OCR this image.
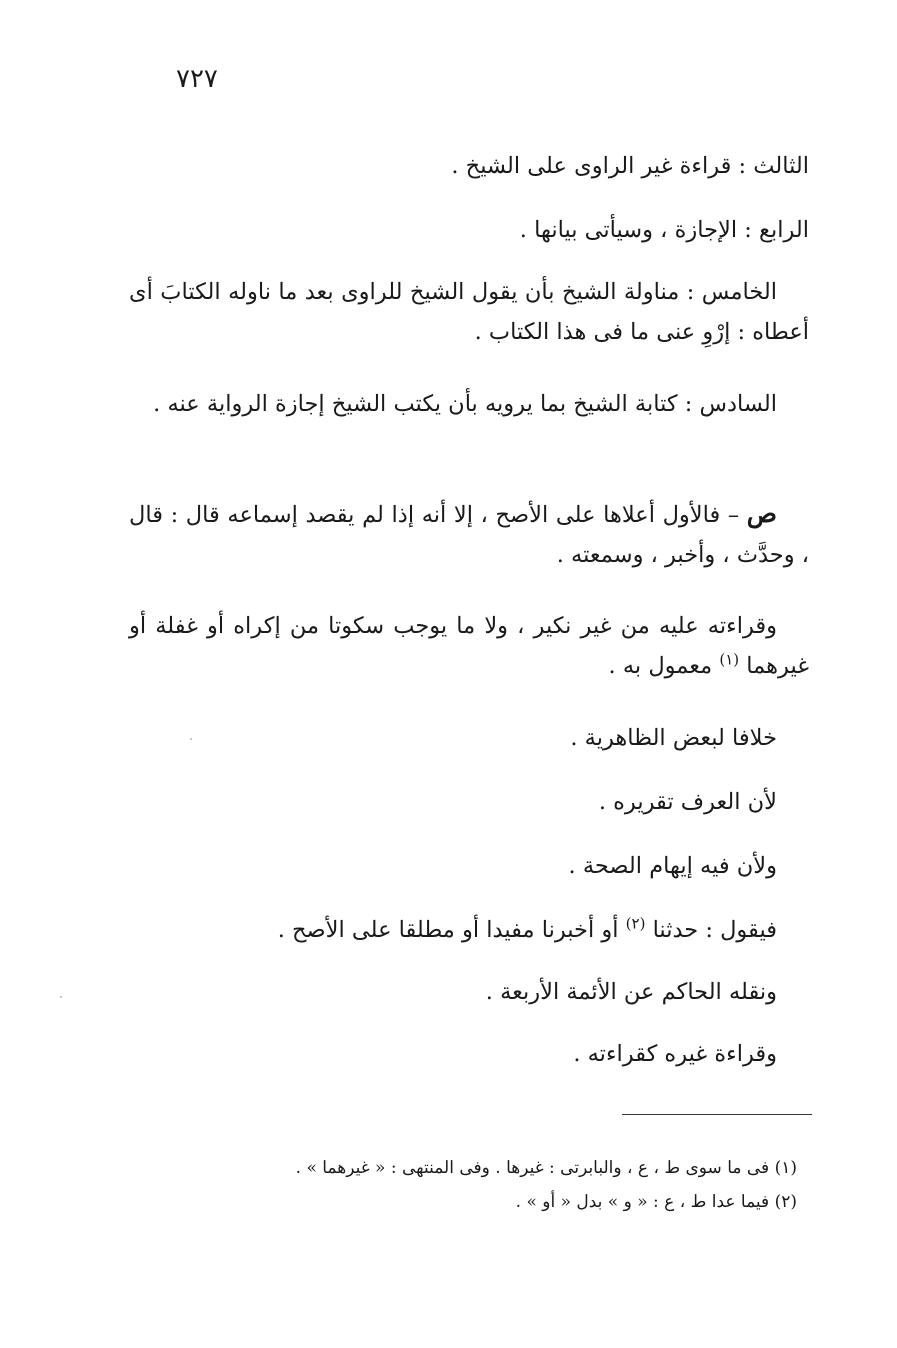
٧٢٧

الثالث : قراءة غير الراوى على الشيخ .

الرابع : الإجازة ، وسيأتى بيانها .

الخامس : مناولة الشيخ بأن يقول الشيخ للراوى بعد ما ناوله الكتابَ أى أعطاه : إرْوِ عنى ما فى هذا الكتاب .

السادس : كتابة الشيخ بما يرويه بأن يكتب الشيخ إجازة الرواية عنه .

ص – فالأول أعلاها على الأصح ، إلا أنه إذا لم يقصد إسماعه قال : قال ، وحدَّث ، وأخبر ، وسمعته .

وقراءته عليه من غير نكير ، ولا ما يوجب سكوتا من إكراه أو غفلة أو غيرهما $^{(١)}$ معمول به .

خلافا لبعض الظاهرية .

لأن العرف تقريره .

ولأن فيه إيهام الصحة .

فيقول : حدثنا $^{(٢)}$ أو أخبرنا مفيدا أو مطلقا على الأصح .

ونقله الحاكم عن الأئمة الأربعة .

وقراءة غيره كقراءته .

(١) فى ما سوى ط ، ع ، والبابرتى : غيرها . وفى المنتهى : « غيرهما » .

(٢) فيما عدا ط ، ع : « و » بدل « أو » .
